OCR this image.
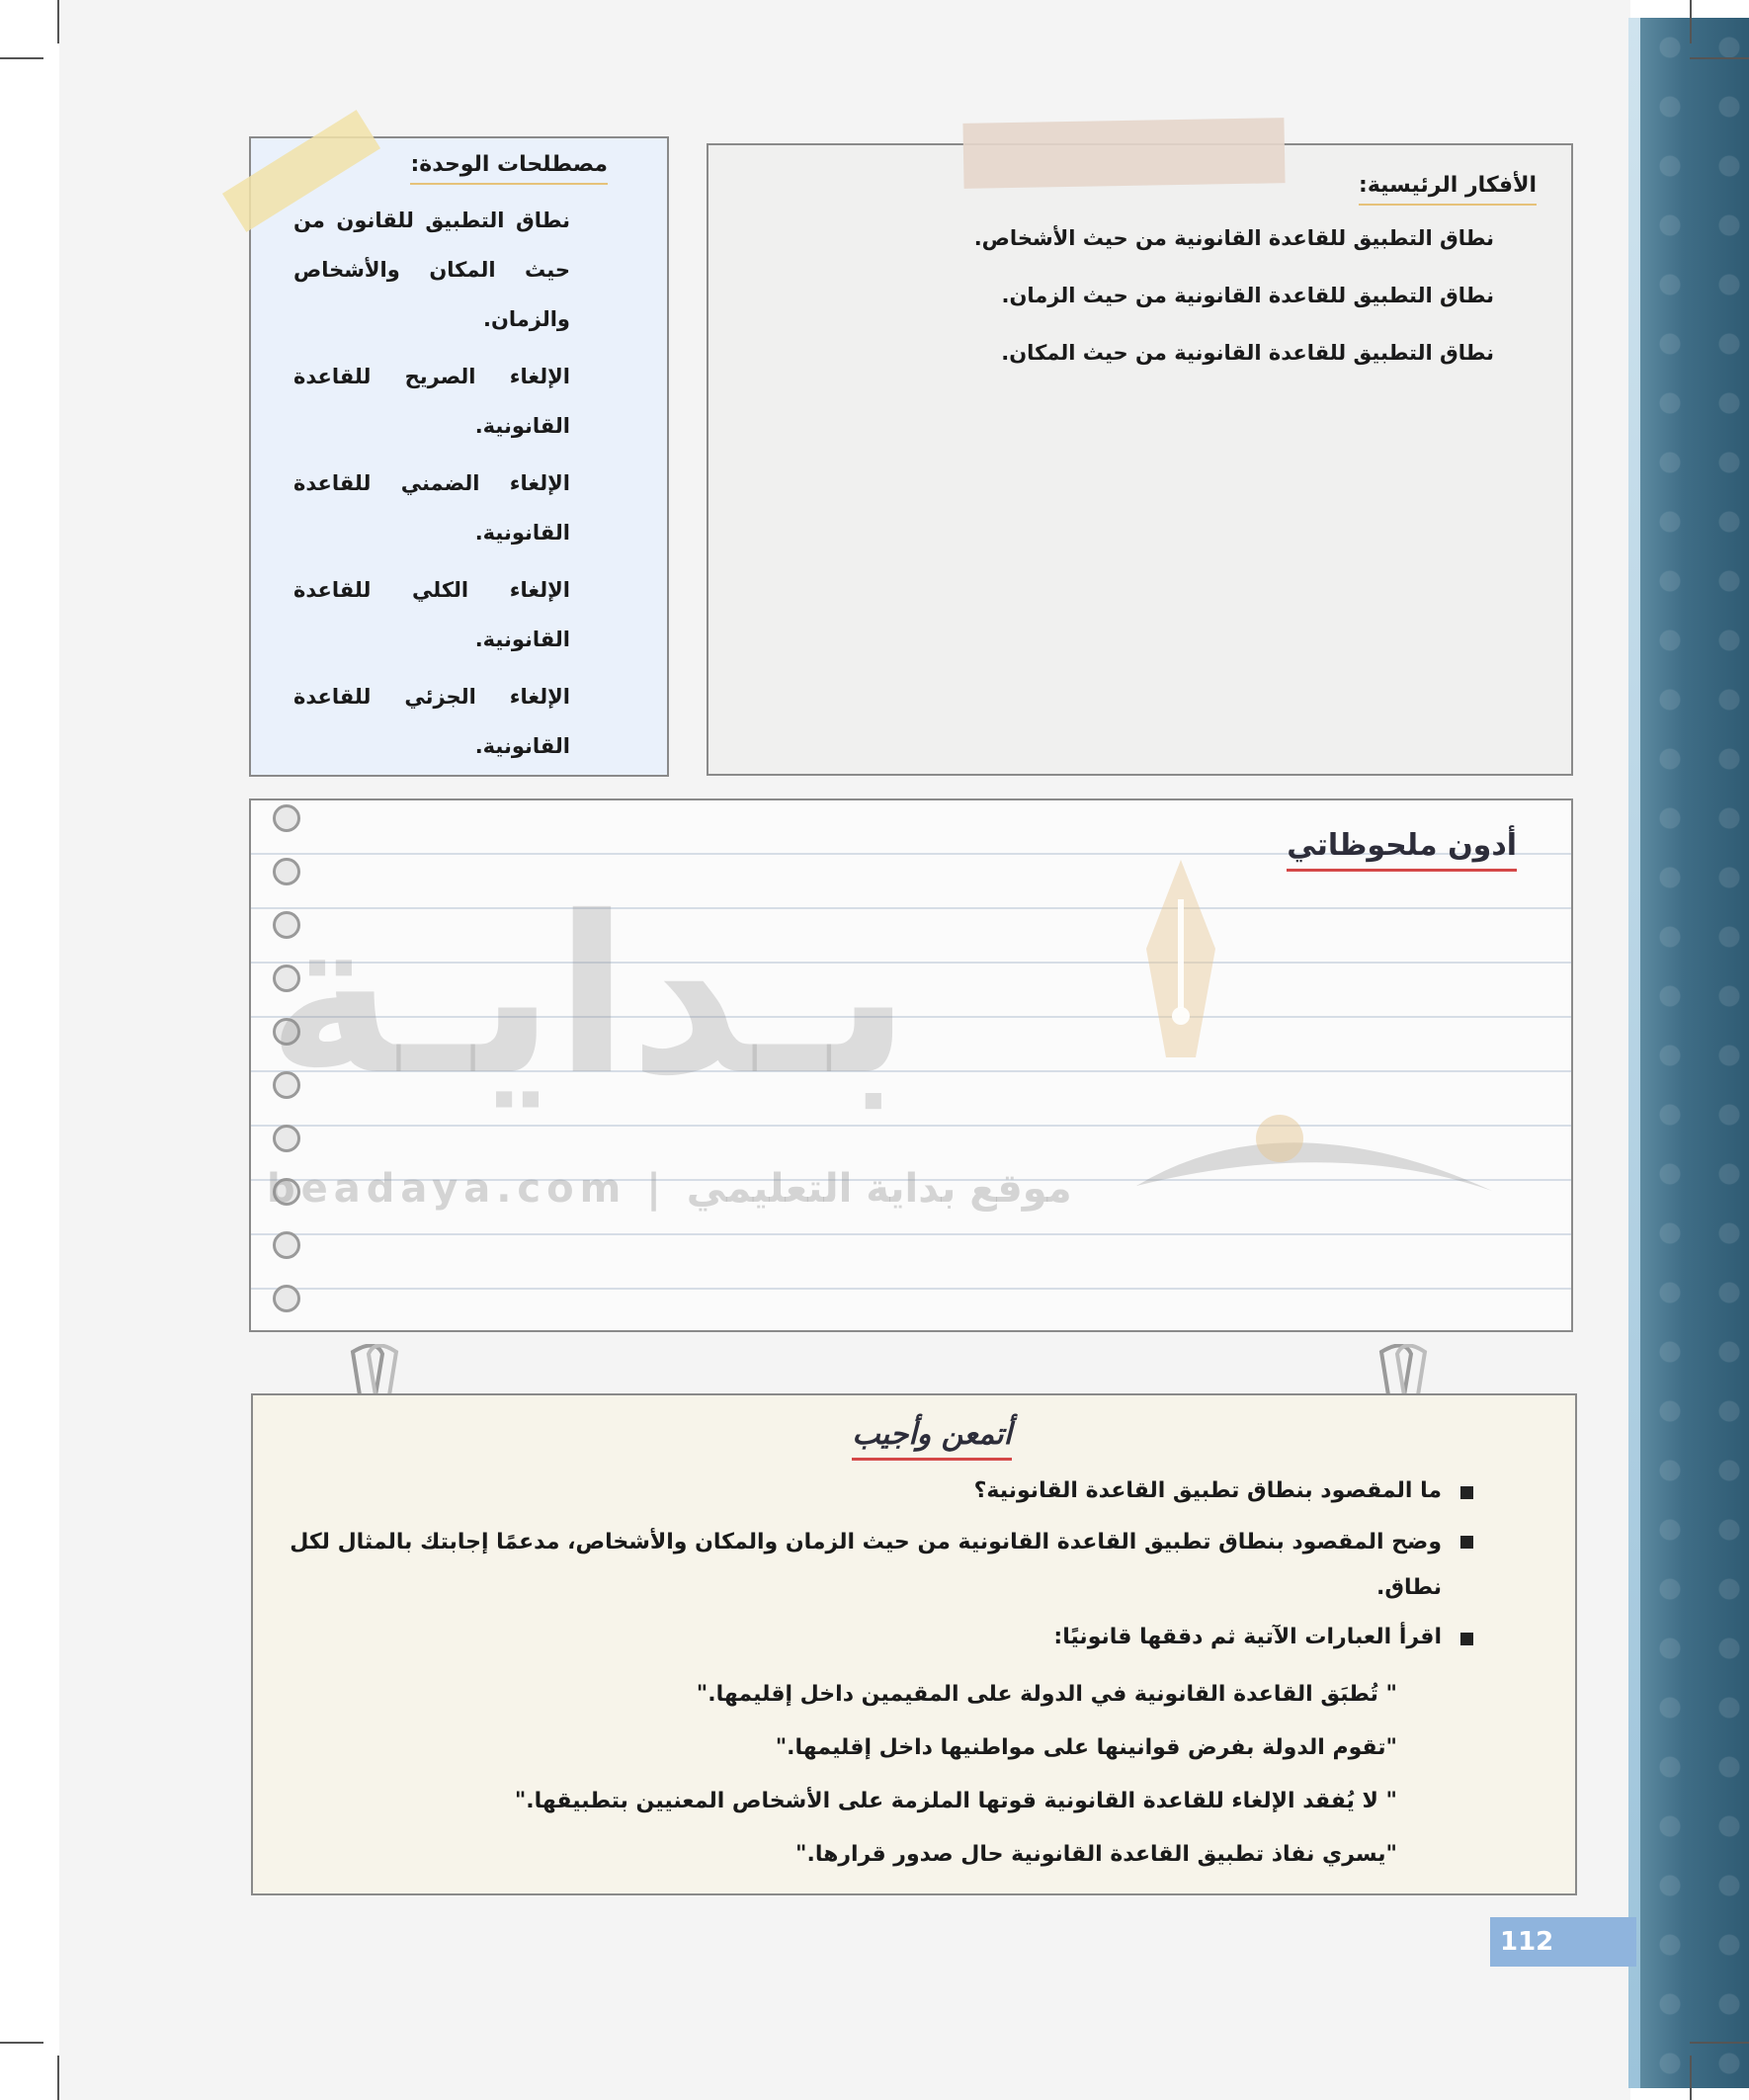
الأفكار الرئيسية:
نطاق التطبيق للقاعدة القانونية من حيث الأشخاص.
نطاق التطبيق للقاعدة القانونية من حيث الزمان.
نطاق التطبيق للقاعدة القانونية من حيث المكان.
مصطلحات الوحدة:

نطاق التطبيق للقانون من حيث المكان والأشخاص والزمان.

الإلغاء الصريح للقاعدة القانونية.

الإلغاء الضمني للقاعدة القانونية.

الإلغاء الكلي للقاعدة القانونية.

الإلغاء الجزئي للقاعدة القانونية.

أدون ملحوظاتي
بـدايـة
beadaya.com | موقع بداية التعليمي
أتمعن وأجيب
ما المقصود بنطاق تطبيق القاعدة القانونية؟
وضح المقصود بنطاق تطبيق القاعدة القانونية من حيث الزمان والمكان والأشخاص، مدعمًا إجابتك بالمثال لكل نطاق.
اقرأ العبارات الآتية ثم دققها قانونيًا:
" تُطبَق القاعدة القانونية في الدولة على المقيمين داخل إقليمها."
"تقوم الدولة بفرض قوانينها على مواطنيها داخل إقليمها."
" لا يُفقد الإلغاء للقاعدة القانونية قوتها الملزمة على الأشخاص المعنيين بتطبيقها."
"يسري نفاذ تطبيق القاعدة القانونية حال صدور قرارها."
112
